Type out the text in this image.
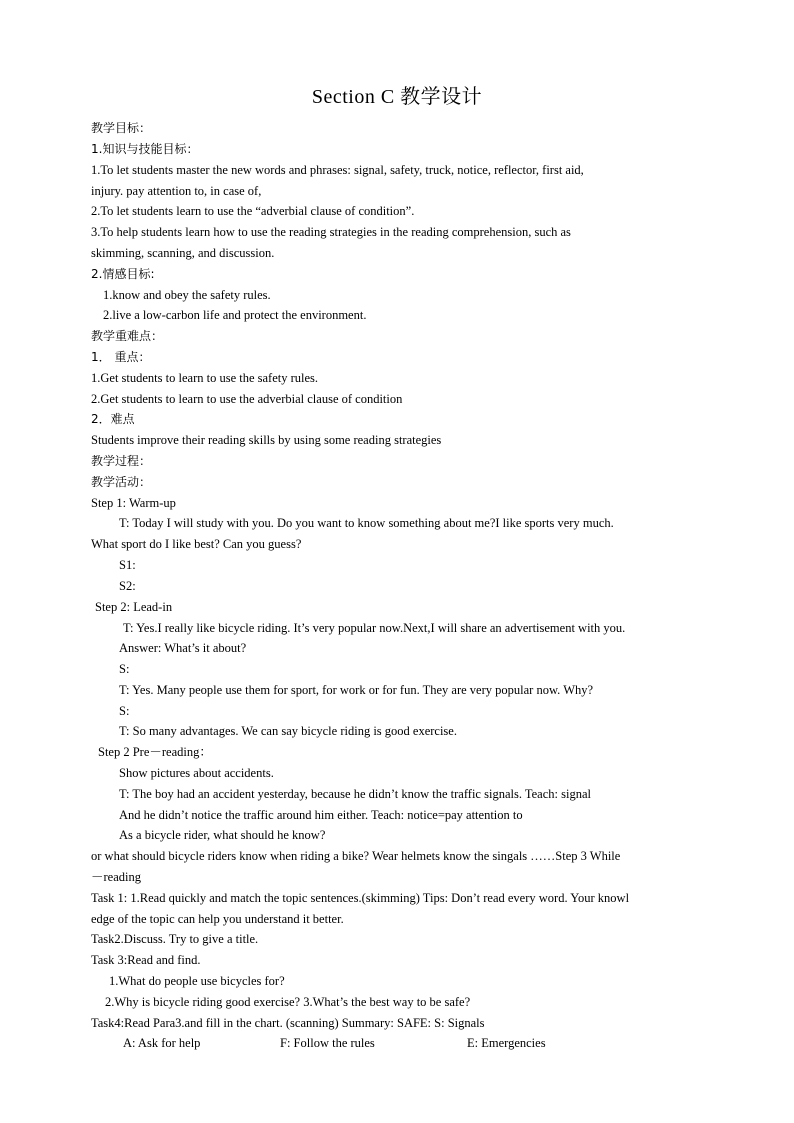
Section C 教学设计
教学目标：
1.知识与技能目标：
1.To let students master the new words and phrases: signal, safety, truck, notice, reflector, first aid,
injury. pay attention to, in case of,
2.To let students learn to use the “adverbial clause of condition”.
3.To help students learn how to use the reading strategies in the reading comprehension, such as
skimming, scanning, and discussion.
2.情感目标:
1.know and obey the safety rules.
2.live a low-carbon life and protect the environment.
教学重难点：
1． 重点：
1.Get students to learn to use the safety rules.
2.Get students to learn to use the adverbial clause of condition
2．难点
Students improve their reading skills by using some reading strategies
教学过程：
教学活动：
Step 1: Warm-up
T: Today I will study with you. Do you want to know something about me?I like sports very much.
What sport do I like best? Can you guess?
S1:
S2:
Step 2: Lead-in
T: Yes.I really like bicycle riding. It’s very popular now.Next,I will share an advertisement with you.
Answer: What’s it about?
S:
T: Yes. Many people use them for sport, for work or for fun. They are very popular now. Why?
S:
T: So many advantages. We can say bicycle riding is good exercise.
Step 2 Pre－reading：
Show pictures about accidents.
T: The boy had an accident yesterday, because he didn’t know the traffic signals. Teach: signal
And he didn’t notice the traffic around him either. Teach: notice=pay attention to
As a bicycle rider, what should he know?
or what should bicycle riders know when riding a bike? Wear helmets know the singals ……Step 3 While
－reading
Task 1: 1.Read quickly and match the topic sentences.(skimming) Tips: Don’t read every word. Your knowl
edge of the topic can help you understand it better.
Task2.Discuss. Try to give a title.
Task 3:Read and find.
1.What do people use bicycles for?
2.Why is bicycle riding good exercise? 3.What’s the best way to be safe?
Task4:Read Para3.and fill in the chart. (scanning) Summary: SAFE: S: Signals
A: Ask for help	F: Follow the rules	E: Emergencies
